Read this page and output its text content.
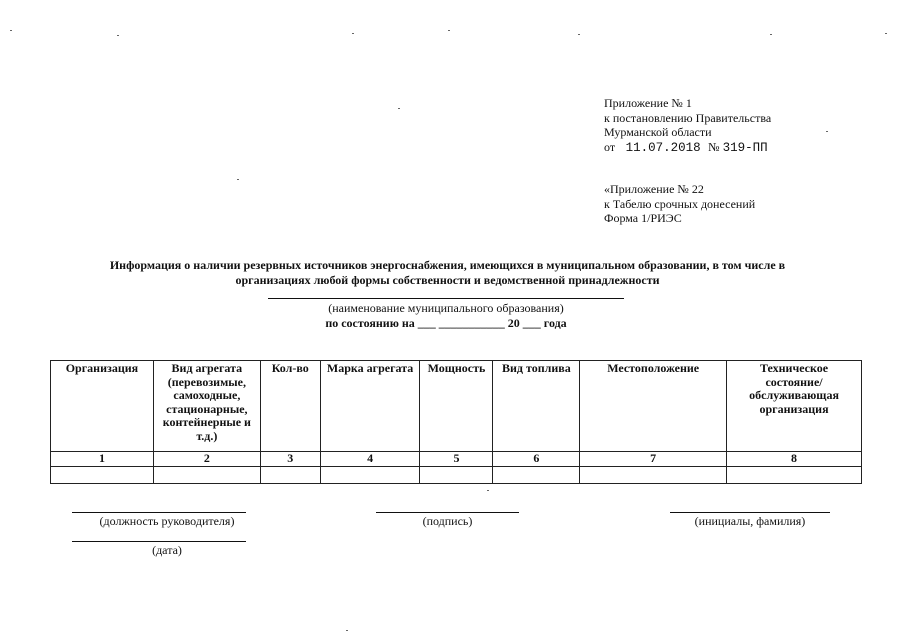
Приложение № 1
к постановлению Правительства
Мурманской области
от 11.07.2018 № 319-ПП
«Приложение № 22
к Табелю срочных донесений
Форма 1/РИЭС
Информация о наличии резервных источников энергоснабжения, имеющихся в муниципальном образовании, в том числе в
организациях любой формы собственности и ведомственной принадлежности
(наименование муниципального образования)
по состоянию на ___ ___________ 20 ___ года
Организация	Вид агрегата (перевозимые, самоходные, стационарные, контейнерные и т.д.)	Кол-во	Марка агрегата	Мощность	Вид топлива	Местоположение	Техническое состояние/ обслуживающая организация
1	2	3	4	5	6	7	8

(должность руководителя)	(подпись)	(инициалы, фамилия)
(дата)
